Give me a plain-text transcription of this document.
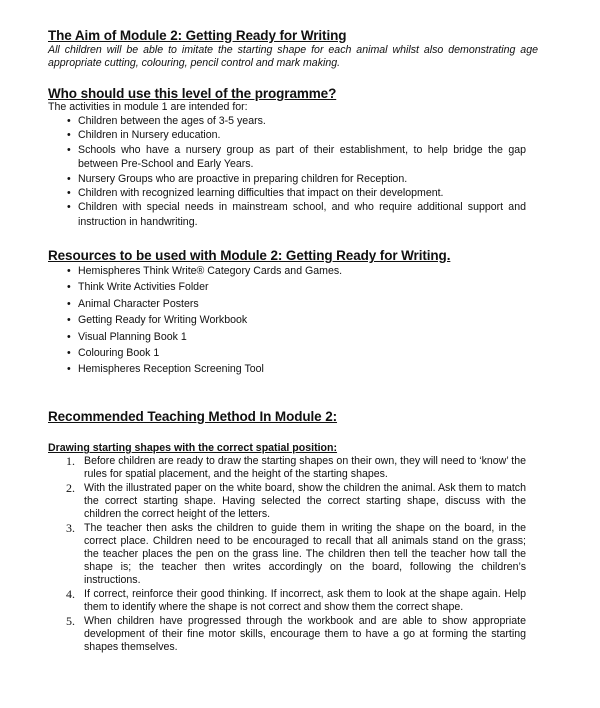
The Aim of Module 2: Getting Ready for Writing

All children will be able to imitate the starting shape for each animal whilst also demonstrating age appropriate cutting, colouring, pencil control and mark making.

Who should use this level of the programme?

The activities in module 1 are intended for:

• Children between the ages of 3-5 years.
• Children in Nursery education.
• Schools who have a nursery group as part of their establishment, to help bridge the gap between Pre-School and Early Years.
• Nursery Groups who are proactive in preparing children for Reception.
• Children with recognized learning difficulties that impact on their development.
• Children with special needs in mainstream school, and who require additional support and instruction in handwriting.
Resources to be used with Module 2: Getting Ready for Writing.
• Hemispheres Think Write® Category Cards and Games.
• Think Write Activities Folder
• Animal Character Posters
• Getting Ready for Writing Workbook
• Visual Planning Book 1
• Colouring Book 1
• Hemispheres Reception Screening Tool
Recommended Teaching Method In Module 2:

Drawing starting shapes with the correct spatial position:

1. Before children are ready to draw the starting shapes on their own, they will need to ‘know’ the rules for spatial placement, and the height of the starting shapes.
2. With the illustrated paper on the white board, show the children the animal. Ask them to match the correct starting shape. Having selected the correct starting shape, discuss with the children the correct height of the letters.
3. The teacher then asks the children to guide them in writing the shape on the board, in the correct place. Children need to be encouraged to recall that all animals stand on the grass; the teacher places the pen on the grass line. The children then tell the teacher how tall the shape is; the teacher then writes accordingly on the board, following the children’s instructions.
4. If correct, reinforce their good thinking. If incorrect, ask them to look at the shape again. Help them to identify where the shape is not correct and show them the correct shape.
5. When children have progressed through the workbook and are able to show appropriate development of their fine motor skills, encourage them to have a go at forming the starting shapes themselves.
